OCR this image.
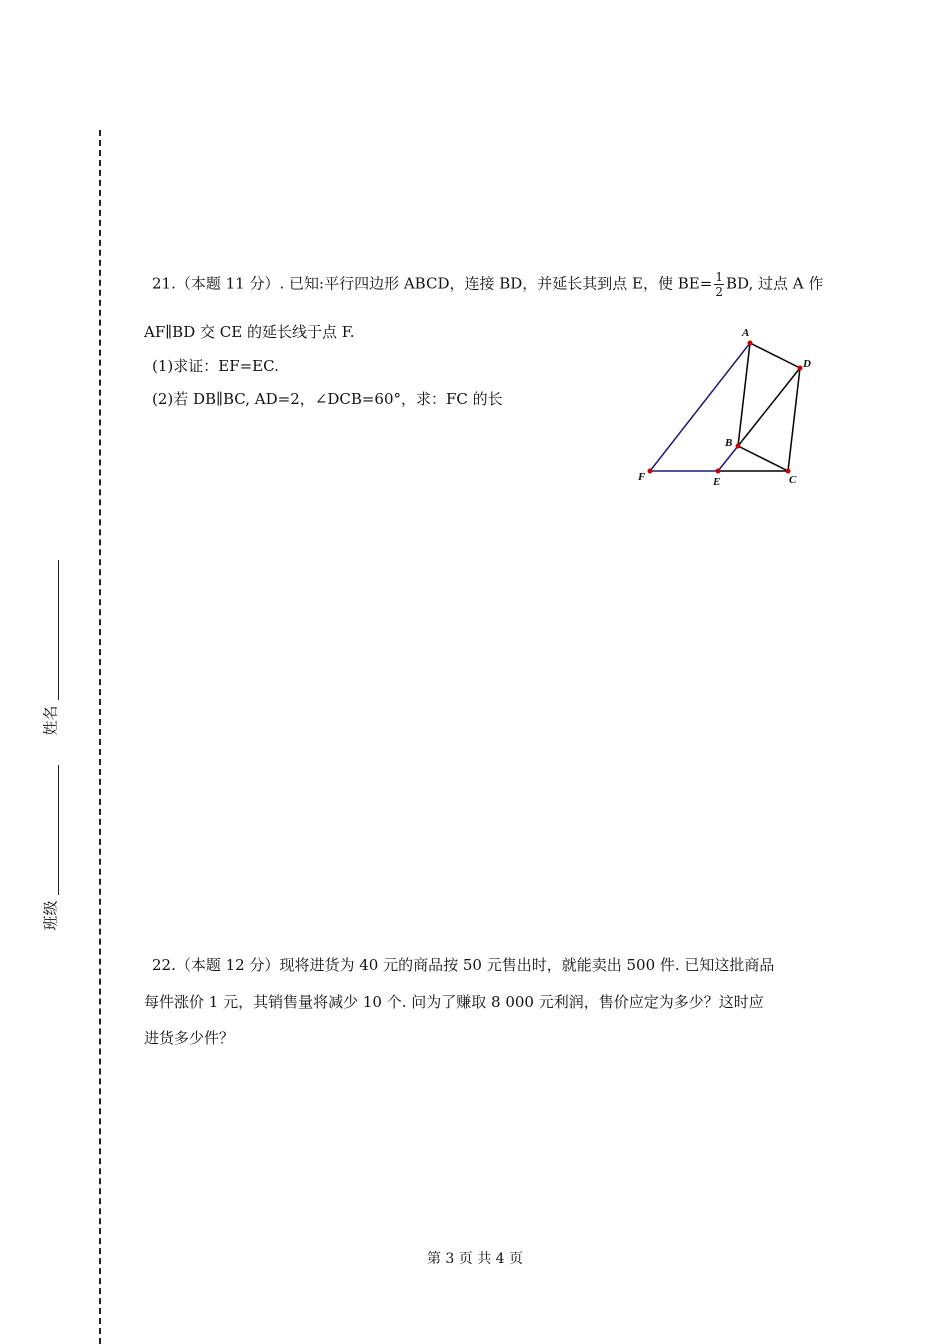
姓名
班级
21.（本题 11 分）. 已知:平行四边形 ABCD，连接 BD，并延长其到点 E，使 $BE= \frac{1}{2}$ BD, 过点 A 作
AF∥BD 交 CE 的延长线于点 F.
(1)求证：EF=EC.
(2)若 DB∥BC, AD=2，∠DCB=60°，求：FC 的长
A
D
B
F	E	C
22.（本题 12 分）现将进货为 40 元的商品按 50 元售出时，就能卖出 500 件. 已知这批商品
每件涨价 1 元，其销售量将减少 10 个. 问为了赚取 8 000 元利润，售价应定为多少？这时应
进货多少件？
第 3 页 共 4 页
